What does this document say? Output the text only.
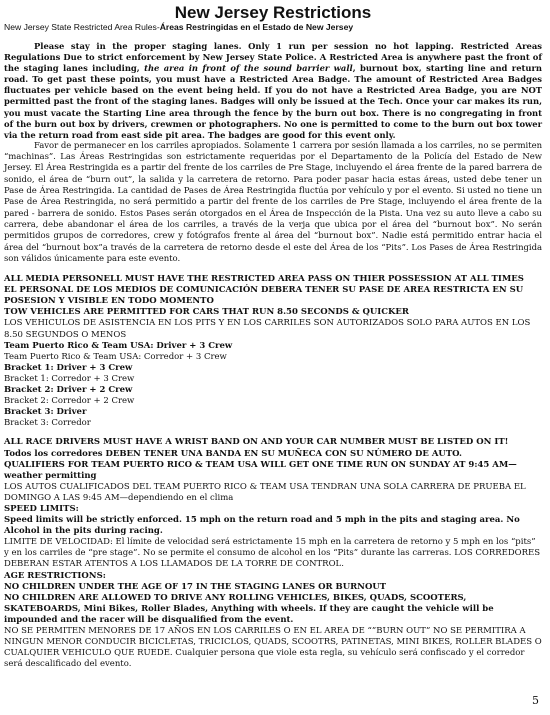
New Jersey Restrictions
New Jersey State Restricted Area Rules-Áreas Restringidas en el Estado de New Jersey

Please stay in the proper staging lanes. Only 1 run per session no hot lapping. Restricted Areas Regulations Due to strict enforcement by New Jersey State Police. A Restricted Area is anywhere past the front of the staging lanes including, the area in front of the sound barrier wall, burnout box, starting line and return road. To get past these points, you must have a Restricted Area Badge. The amount of Restricted Area Badges fluctuates per vehicle based on the event being held. If you do not have a Restricted Area Badge, you are NOT permitted past the front of the staging lanes. Badges will only be issued at the Tech. Once your car makes its run, you must vacate the Starting Line area through the fence by the burn out box. There is no congregating in front of the burn out box by drivers, crewmen or photographers. No one is permitted to come to the burn out box tower via the return road from east side pit area. The badges are good for this event only.

Favor de permanecer en los carriles apropiados. Solamente 1 carrera por sesión llamada a los carriles, no se permiten “machinas”. Las Áreas Restringidas son estrictamente requeridas por el Departamento de la Policía del Estado de New Jersey. El Área Restringida es a partir del frente de los carriles de Pre Stage, incluyendo el área frente de la pared barrera de sonido, el área de “burn out”, la salida y la carretera de retorno. Para poder pasar hacia estas áreas, usted debe tener un Pase de Área Restringida. La cantidad de Pases de Área Restringida fluctúa por vehículo y por el evento. Si usted no tiene un Pase de Área Restringida, no será permitido a partir del frente de los carriles de Pre Stage, incluyendo el área frente de la pared - barrera de sonido. Estos Pases serán otorgados en el Área de Inspección de la Pista. Una vez su auto lleve a cabo su carrera, debe abandonar el área de los carriles, a través de la verja que ubica por el área del “burnout box”. No serán permitidos grupos de corredores, crew y fotógrafos frente al área del “burnout box”. Nadie está permitido entrar hacia el área del “burnout box”a través de la carretera de retorno desde el este del Área de los “Pits”. Los Pases de Área Restringida son válidos únicamente para este evento.

ALL MEDIA PERSONELL MUST HAVE THE RESTRICTED AREA PASS ON THIER POSSESSION AT ALL TIMES

EL PERSONAL DE LOS MEDIOS DE COMUNICACIÓN DEBERA TENER SU PASE DE AREA RESTRICTA EN SU POSESION Y VISIBLE EN TODO MOMENTO

TOW VEHICLES ARE PERMITTED FOR CARS THAT RUN 8.50 SECONDS & QUICKER

LOS VEHICULOS DE ASISTENCIA EN LOS PITS Y EN LOS CARRILES SON AUTORIZADOS SOLO PARA AUTOS EN LOS 8.50 SEGUNDOS O MENOS

Team Puerto Rico & Team USA: Driver + 3 Crew

Team Puerto Rico & Team USA: Corredor + 3 Crew

Bracket 1: Driver + 3 Crew

Bracket 1: Corredor + 3 Crew

Bracket 2: Driver + 2 Crew

Bracket 2: Corredor + 2 Crew

Bracket 3: Driver

Bracket 3: Corredor

ALL RACE DRIVERS MUST HAVE A WRIST BAND ON AND YOUR CAR NUMBER MUST BE LISTED ON IT!

Todos los corredores DEBEN TENER UNA BANDA EN SU MUÑECA CON SU NÚMERO DE AUTO.

QUALIFIERS FOR TEAM PUERTO RICO & TEAM USA WILL GET ONE TIME RUN ON SUNDAY AT 9:45 AM—weather permitting

LOS AUTOS CUALIFICADOS DEL TEAM PUERTO RICO & TEAM USA TENDRAN UNA SOLA CARRERA DE PRUEBA EL DOMINGO A LAS 9:45 AM—dependiendo en el clima

SPEED LIMITS:

Speed limits will be strictly enforced. 15 mph on the return road and 5 mph in the pits and staging area. No Alcohol in the pits during racing.

LIMITE DE VELOCIDAD: El límite de velocidad será estrictamente 15 mph en la carretera de retorno y 5 mph en los “pits” y en los carriles de “pre stage”. No se permite el consumo de alcohol en los “Pits” durante las carreras. LOS CORREDORES DEBERAN ESTAR ATENTOS A LOS LLAMADOS DE LA TORRE DE CONTROL.

AGE RESTRICTIONS:

NO CHILDREN UNDER THE AGE OF 17 IN THE STAGING LANES OR BURNOUT

NO CHILDREN ARE ALLOWED TO DRIVE ANY ROLLING VEHICLES, BIKES, QUADS, SCOOTERS, SKATEBOARDS, Mini Bikes, Roller Blades, Anything with wheels. If they are caught the vehicle will be impounded and the racer will be disqualified from the event.

NO SE PERMITEN MENORES DE 17 AÑOS EN LOS CARRILES O EN EL AREA DE “”BURN OUT” NO SE PERMITIRA A NINGUN MENOR CONDUCIR BICICLETAS, TRICICLOS, QUADS, SCOOTRS, PATINETAS, MINI BIKES, ROLLER BLADES O CUALQUIER VEHICULO QUE RUEDE. Cualquier persona que viole esta regla, su vehículo será confiscado y el corredor será descalificado del evento.

5
